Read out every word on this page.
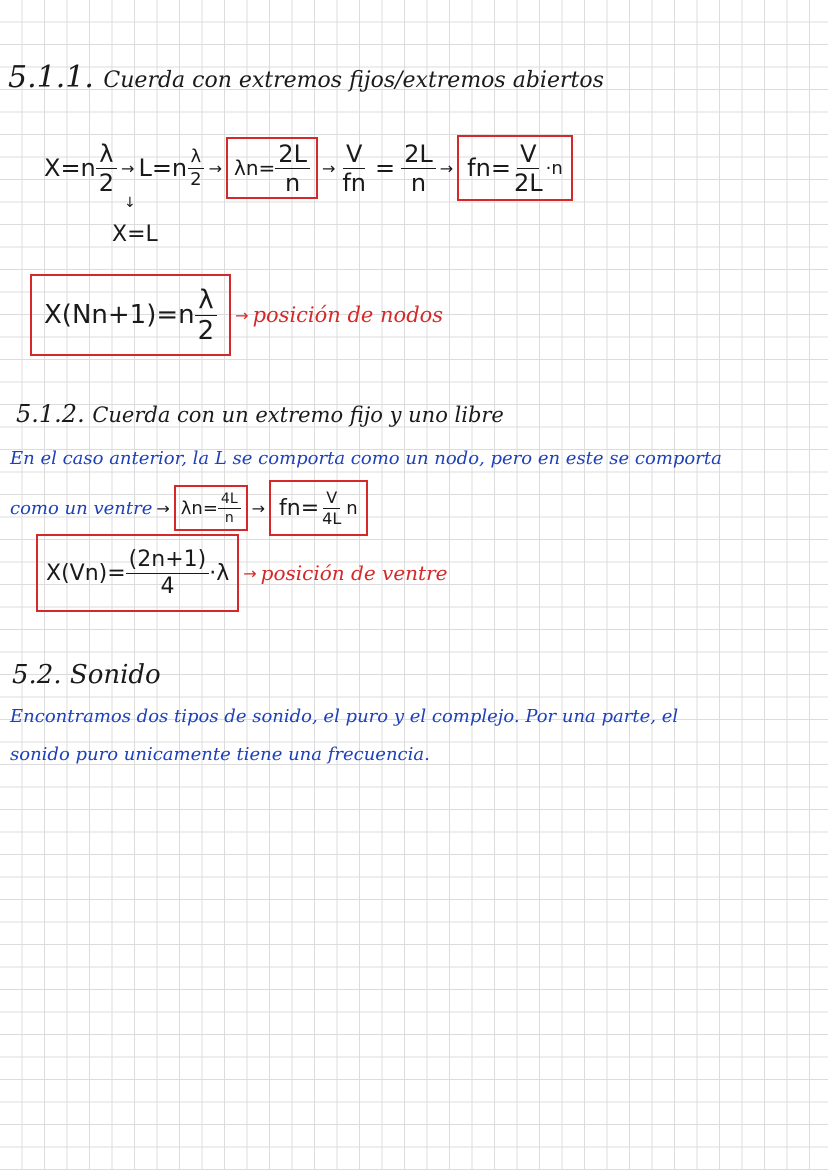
5.1.1. Cuerda con extremos fijos/extremos abiertos
$X=n \frac{\lambda}{2} \to L=n \frac{\lambda}{2} \to \lambda n= \frac{2L}{n} \to \frac{V}{fn} = \frac{2L}{n} \to fn= \frac{V}{2L} \cdot n$
↓
X=L
$X(Nn+1)=n \frac{\lambda}{2}$ → posición de nodos
5.1.2. Cuerda con un extremo fijo y uno libre
En el caso anterior, la L se comporta como un nodo, pero en este se comporta
como un ventre → $\lambda n= \frac{4L}{n} \to fn= \frac{V}{4L}$ n
$X(Vn)= \frac{(2n+1)}{4} \cdot\lambda$ → posición de ventre
5.2. Sonido
Encontramos dos tipos de sonido, el puro y el complejo. Por una parte, el
sonido puro unicamente tiene una frecuencia.
